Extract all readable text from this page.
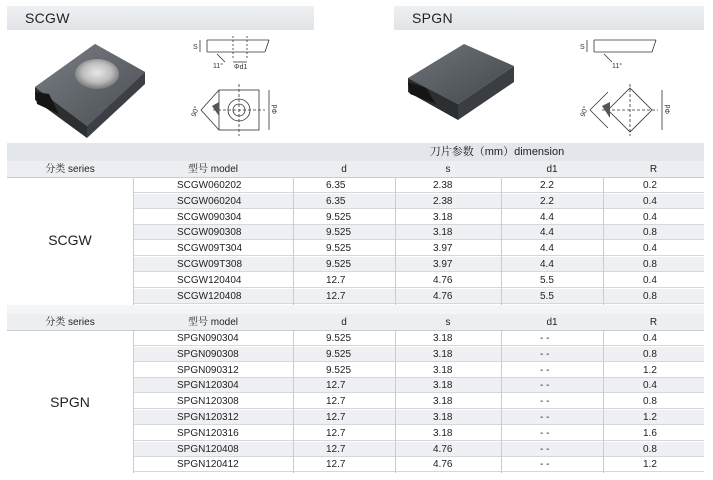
SCGW	SPGN
S
11° Φd1
90°	Φd
S
11°
90°	Φd
刀片参数（mm）dimension
分类 series	型号 model	d	s	d1	R
SCGW060202	6.35	2.38	2.2	0.2
SCGW060204	6.35	2.38	2.2	0.4
SCGW090304	9.525	3.18	4.4	0.4
SCGW090308	9.525	3.18	4.4	0.8
SCGW09T304	9.525	3.97	4.4	0.4
SCGW09T308	9.525	3.97	4.4	0.8
SCGW120404	12.7	4.76	5.5	0.4
SCGW120408	12.7	4.76	5.5	0.8
SCGW
分类 series	型号 model	d	s	d1	R
SPGN090304	9.525	3.18	- -	0.4
SPGN090308	9.525	3.18	- -	0.8
SPGN090312	9.525	3.18	- -	1.2
SPGN120304	12.7	3.18	- -	0.4
SPGN120308	12.7	3.18	- -	0.8
SPGN120312	12.7	3.18	- -	1.2
SPGN120316	12.7	3.18	- -	1.6
SPGN120408	12.7	4.76	- -	0.8
SPGN120412	12.7	4.76	- -	1.2
SPGN
